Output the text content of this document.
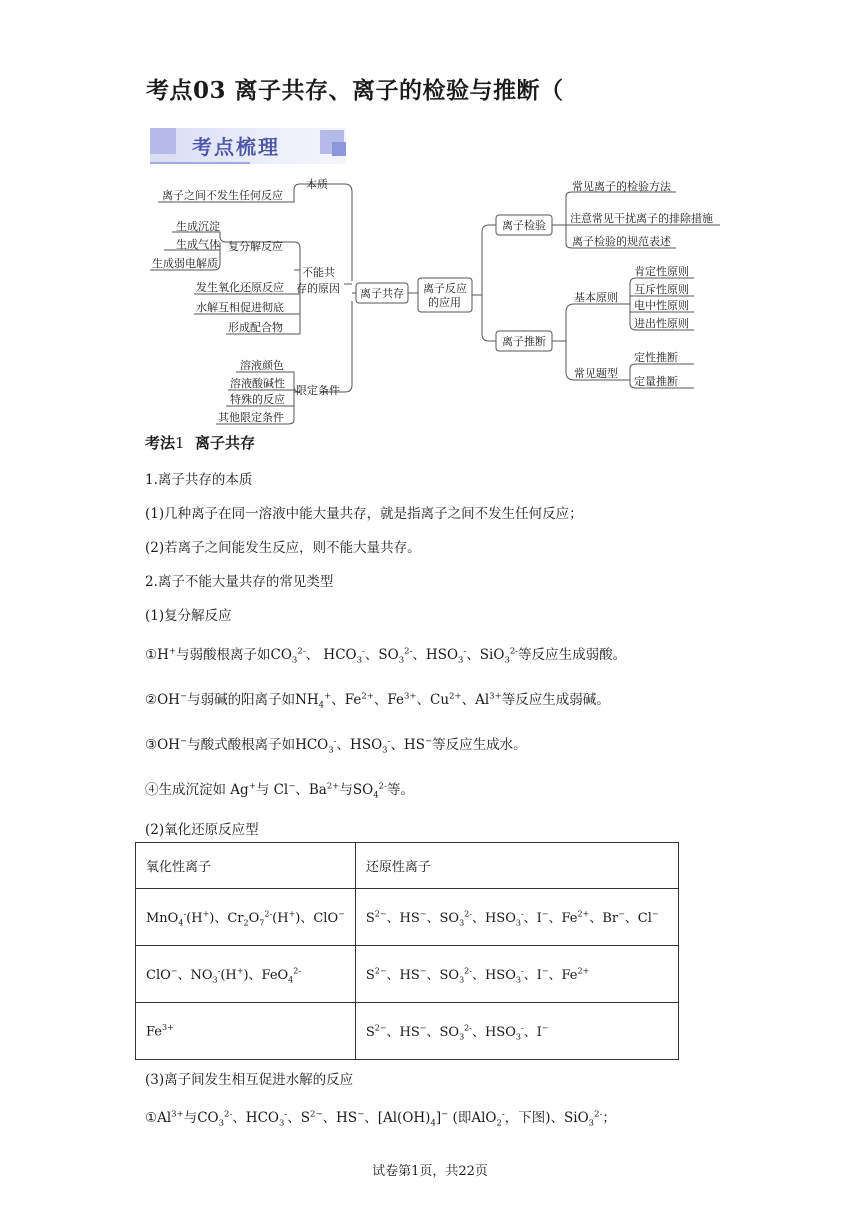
考点03 离子共存、离子的检验与推断（
考点梳理
本质
离子之间不发生任何反应
生成沉淀
生成气体
生成弱电解质
复分解反应
不能共
存的原因
发生氧化还原反应
水解互相促进彻底
形成配合物
溶液颜色
溶液酸碱性
特殊的反应
其他限定条件
限定条件
离子共存 离子反应
的应用
离子检验
离子推断
常见离子的检验方法
注意常见干扰离子的排除措施
离子检验的规范表述
基本原则
常见题型
肯定性原则
互斥性原则
电中性原则
进出性原则
定性推断
定量推断
考法1 离子共存
1.离子共存的本质
(1)几种离子在同一溶液中能大量共存，就是指离子之间不发生任何反应；
(2)若离子之间能发生反应，则不能大量共存。
2.离子不能大量共存的常见类型
(1)复分解反应
①H+与弱酸根离子如$CO_3^{2-}$、 $HCO_3^-$、$SO_3^{2-}$、$HSO_3^-$、SiO$_3^{2-}$等反应生成弱酸。
②OH−与弱碱的阳离子如$NH_4^+$、$Fe^{2+}$、$Fe^{3+}$、$Cu^{2+}$、$Al^{3+}$等反应生成弱碱。
③OH−与酸式酸根离子如$HCO_3^-$、$HSO_3^-$、HS−等反应生成水。
④生成沉淀如 Ag+与 Cl−、$Ba^{2+}$与$SO_4^{2-}$等。
(2)氧化还原反应型
氧化性离子	还原性离子
MnO$_4$-(H+)、$Cr_2O_7^{2-}(H^+)$、ClO−	$S^{2-}$、HS−、$SO_3^{2-}$、$HSO_3^-$、I−、$Fe^{2+}$、Br−、Cl−
ClO−、$NO_3^-(H^+)$、FeO$_4^{2-}$	$S^{2-}$、HS−、$SO_3^{2-}$、$HSO_3^-$、I−、$Fe^{2+}$
$Fe^{3+}$	$S^{2-}$、HS−、$SO_3^{2-}$、$HSO_3^-$、I−
(3)离子间发生相互促进水解的反应
$①Al^{3+}$与$CO_3^{2-}$、$HCO_3^-$、$S^{2-}$、HS−、$[Al(OH)_4]^-$ (即AlO$_2$-，下图)、SiO$_3^{2-}$；
试卷第1页，共22页
